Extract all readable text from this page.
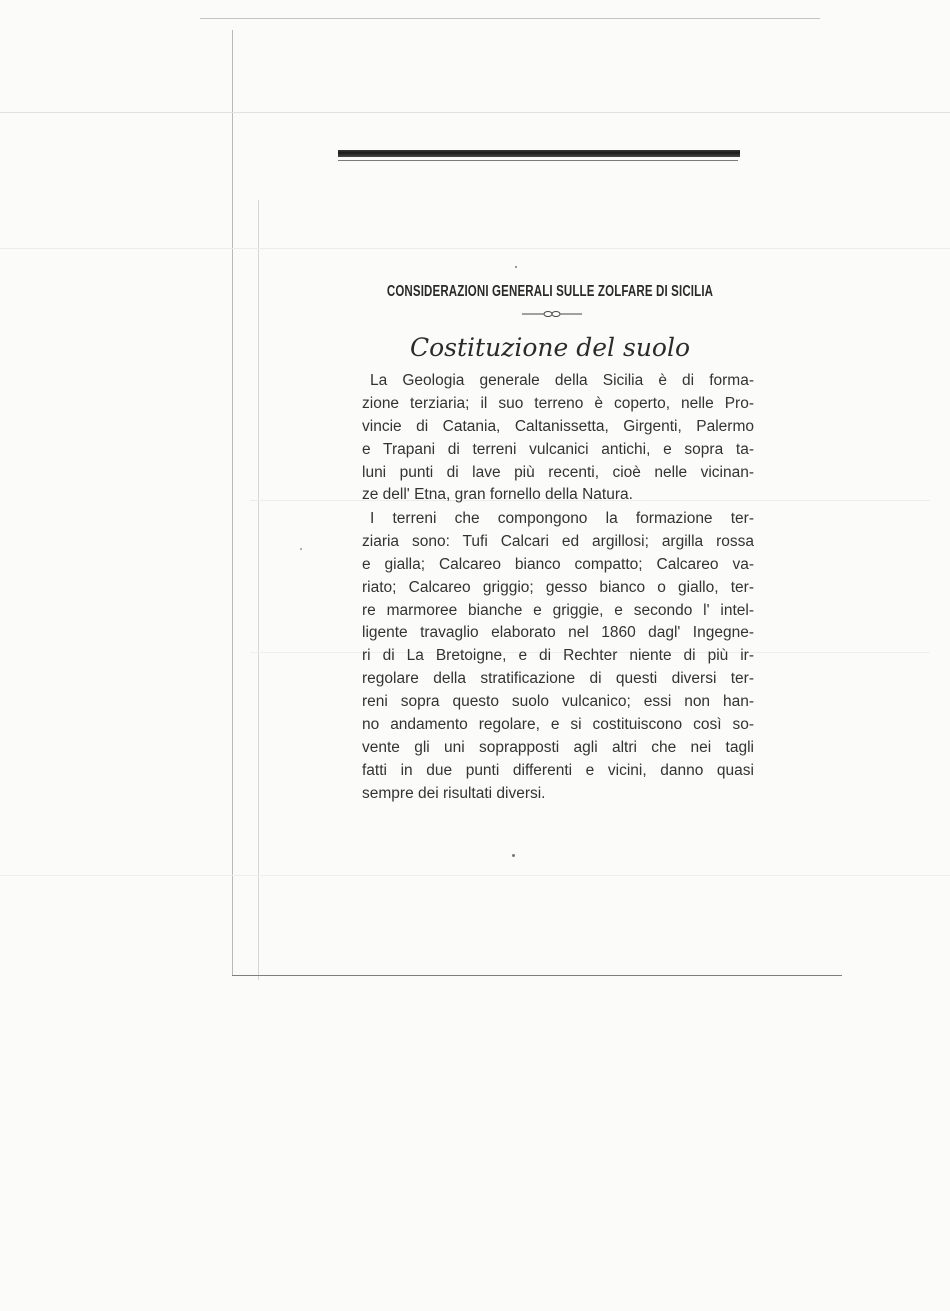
CONSIDERAZIONI GENERALI SULLE ZOLFARE DI SICILIA
Costituzione del suolo
La Geologia generale della Sicilia è di forma-
zione terziaria; il suo terreno è coperto, nelle Pro-
vincie di Catania, Caltanissetta, Girgenti, Palermo
e Trapani di terreni vulcanici antichi, e sopra ta-
luni punti di lave più recenti, cioè nelle vicinan-
ze dell' Etna, gran fornello della Natura.
I terreni che compongono la formazione ter-
ziaria sono: Tufi Calcari ed argillosi; argilla rossa
e gialla; Calcareo bianco compatto; Calcareo va-
riato; Calcareo griggio; gesso bianco o giallo, ter-
re marmoree bianche e griggie, e secondo l' intel-
ligente travaglio elaborato nel 1860 dagl' Ingegne-
ri di La Bretoigne, e di Rechter niente di più ir-
regolare della stratificazione di questi diversi ter-
reni sopra questo suolo vulcanico; essi non han-
no andamento regolare, e si costituiscono così so-
vente gli uni soprapposti agli altri che nei tagli
fatti in due punti differenti e vicini, danno quasi
sempre dei risultati diversi.
